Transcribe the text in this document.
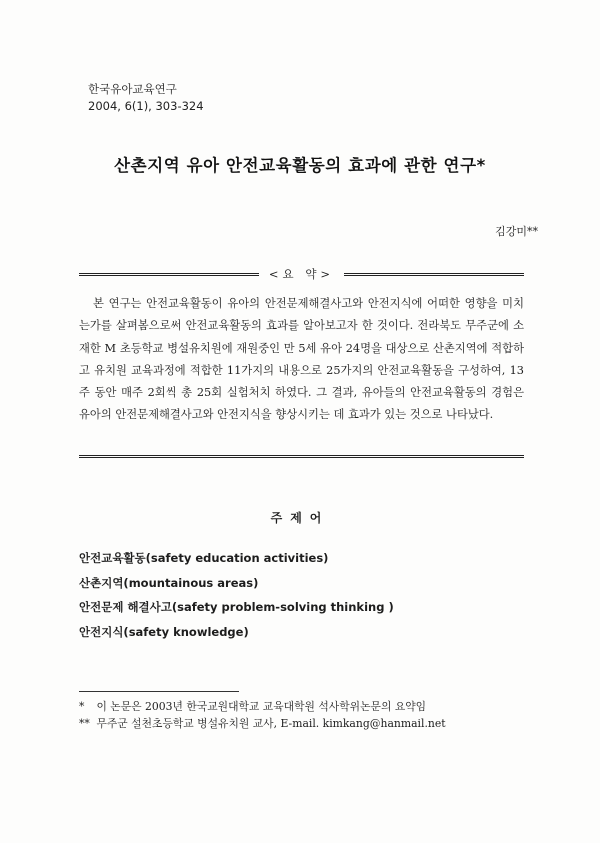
한국유아교육연구
2004, 6(1), 303-324
산촌지역 유아 안전교육활동의 효과에 관한 연구*
김강미**
<요 약>

본 연구는 안전교육활동이 유아의 안전문제해결사고와 안전지식에 어떠한 영향을 미치는가를 살펴봄으로써 안전교육활동의 효과를 알아보고자 한 것이다. 전라북도 무주군에 소재한 M 초등학교 병설유치원에 재원중인 만 5세 유아 24명을 대상으로 산촌지역에 적합하고 유치원 교육과정에 적합한 11가지의 내용으로 25가지의 안전교육활동을 구성하여, 13주 동안 매주 2회씩 총 25회 실험처치 하였다. 그 결과, 유아들의 안전교육활동의 경험은 유아의 안전문제해결사고와 안전지식을 향상시키는 데 효과가 있는 것으로 나타났다.

주제어
안전교육활동(safety education activities)
산촌지역(mountainous areas)
안전문제 해결사고(safety problem-solving thinking )
안전지식(safety knowledge)
* 이 논문은 2003년 한국교원대학교 교육대학원 석사학위논문의 요약임
** 무주군 설천초등학교 병설유치원 교사, E-mail. kimkang@hanmail.net
